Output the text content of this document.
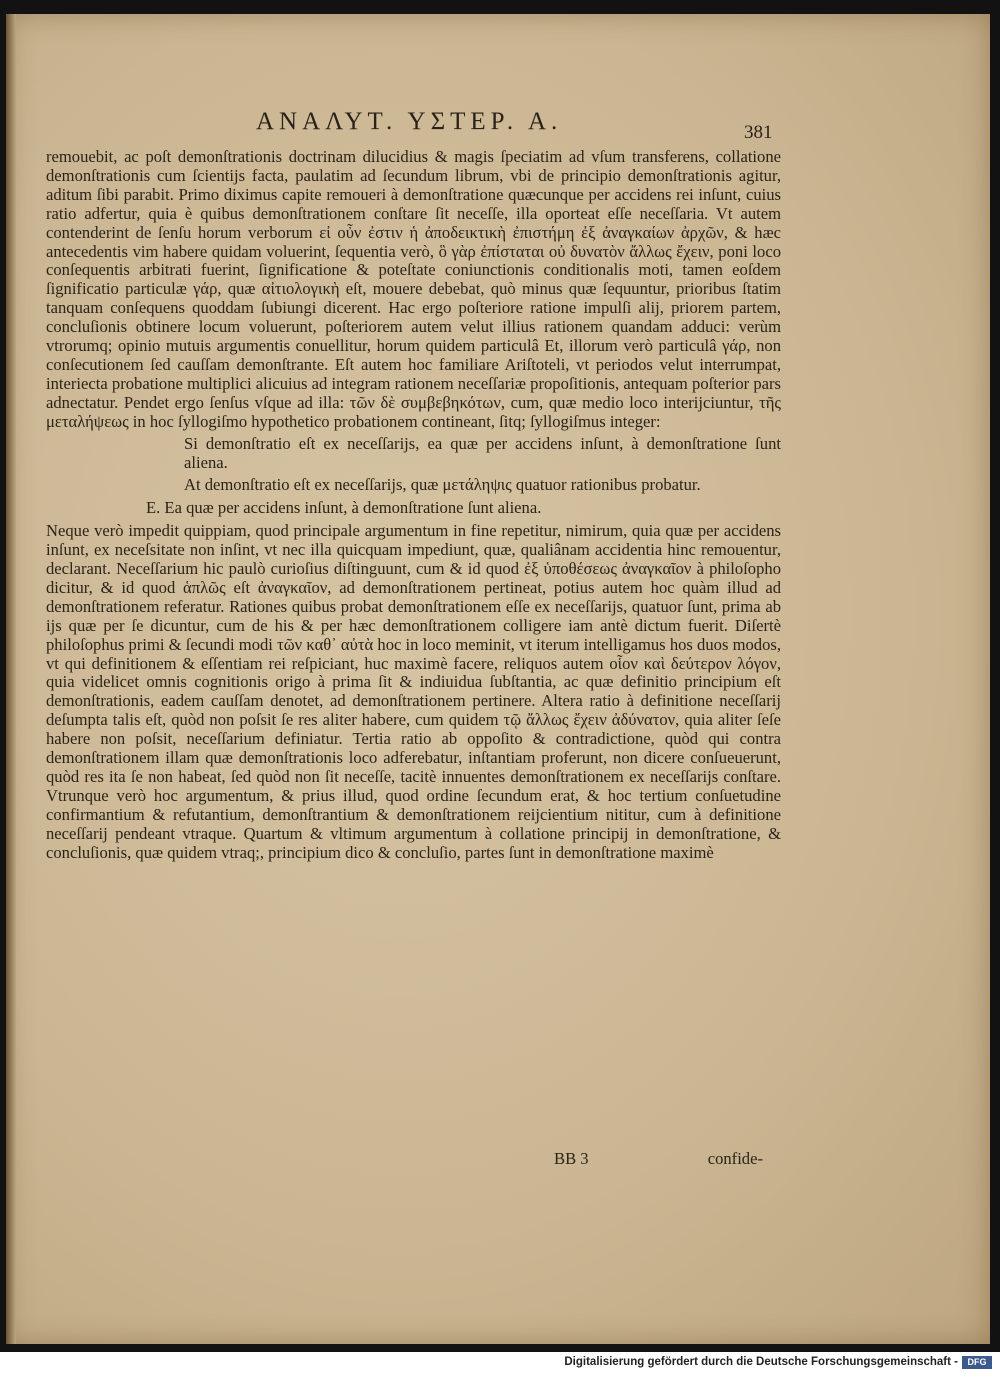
ΑΝΑΛΥΤ. ΥΣΤΕΡ. Α.	381

remouebit, ac poſt demonſtrationis doctrinam dilucidius & magis ſpeciatim ad vſum transferens, collatione demonſtrationis cum ſcientijs facta, paulatim ad ſecundum librum, vbi de principio demonſtrationis agitur, aditum ſibi parabit. Primo diximus capite remoueri à demonſtratione quæcunque per accidens rei inſunt, cuius ratio adfertur, quia è quibus demonſtrationem conſtare ſit neceſſe, illa oporteat eſſe neceſſaria. Vt autem contenderint de ſenſu horum verborum εἰ οὖν ἐστιν ἡ ἀποδεικτικὴ ἐπιστήμη ἐξ ἀναγκαίων ἀρχῶν, & hæc antecedentis vim habere quidam voluerint, ſequentia verò, ὃ γὰρ ἐπίσταται οὐ δυνατὸν ἄλλως ἔχειν, poni loco conſequentis arbitrati fuerint, ſignificatione & poteſtate coniunctionis conditionalis moti, tamen eoſdem ſignificatio particulæ γάρ, quæ αἰτιολογικὴ eſt, mouere debebat, quò minus quæ ſequuntur, prioribus ſtatim tanquam conſequens quoddam ſubiungi dicerent. Hac ergo poſteriore ratione impulſi alij, priorem partem, concluſionis obtinere locum voluerunt, poſteriorem autem velut illius rationem quandam adduci: verùm vtrorumq; opinio mutuis argumentis conuellitur, horum quidem particulâ Et, illorum verò particulâ γάρ, non conſecutionem ſed cauſſam demonſtrante. Eſt autem hoc familiare Ariſtoteli, vt periodos velut interrumpat, interiecta probatione multiplici alicuius ad integram rationem neceſſariæ propoſitionis, antequam poſterior pars adnectatur. Pendet ergo ſenſus vſque ad illa: τῶν δὲ συμβεβηκότων, cum, quæ medio loco interijciuntur, τῆς μεταλήψεως in hoc ſyllogiſmo hypothetico probationem contineant, ſitq; ſyllogiſmus integer:

Si demonſtratio eſt ex neceſſarijs, ea quæ per accidens inſunt, à demonſtratione ſunt aliena.

At demonſtratio eſt ex neceſſarijs, quæ μετάληψις quatuor rationibus probatur.

E. Ea quæ per accidens inſunt, à demonſtratione ſunt aliena.

Neque verò impedit quippiam, quod principale argumentum in fine repetitur, nimirum, quia quæ per accidens inſunt, ex neceſsitate non inſint, vt nec illa quicquam impediunt, quæ, qualiânam accidentia hinc remouentur, declarant. Neceſſarium hic paulò curioſius diſtinguunt, cum & id quod ἐξ ὑποθέσεως ἀναγκαῖον à philoſopho dicitur, & id quod ἁπλῶς eſt ἀναγκαῖον, ad demonſtrationem pertineat, potius autem hoc quàm illud ad demonſtrationem referatur. Rationes quibus probat demonſtrationem eſſe ex neceſſarijs, quatuor ſunt, prima ab ijs quæ per ſe dicuntur, cum de his & per hæc demonſtrationem colligere iam antè dictum fuerit. Diſertè philoſophus primi & ſecundi modi τῶν καθ᾽ αὐτὰ hoc in loco meminit, vt iterum intelligamus hos duos modos, vt qui definitionem & eſſentiam rei reſpiciant, huc maximè facere, reliquos autem οἷον καὶ δεύτερον λόγον, quia videlicet omnis cognitionis origo à prima ſit & indiuidua ſubſtantia, ac quæ definitio principium eſt demonſtrationis, eadem cauſſam denotet, ad demonſtrationem pertinere. Altera ratio à definitione neceſſarij deſumpta talis eſt, quòd non poſsit ſe res aliter habere, cum quidem τῷ ἄλλως ἔχειν ἀδύνατον, quia aliter ſeſe habere non poſsit, neceſſarium definiatur. Tertia ratio ab oppoſito & contradictione, quòd qui contra demonſtrationem illam quæ demonſtrationis loco adferebatur, inſtantiam proferunt, non dicere conſueuerunt, quòd res ita ſe non habeat, ſed quòd non ſit neceſſe, tacitè innuentes demonſtrationem ex neceſſarijs conſtare. Vtrunque verò hoc argumentum, & prius illud, quod ordine ſecundum erat, & hoc tertium conſuetudine confirmantium & refutantium, demonſtrantium & demonſtrationem reijcientium nititur, cum à definitione neceſſarij pendeant vtraque. Quartum & vltimum argumentum à collatione principij in demonſtratione, & concluſionis, quæ quidem vtraq;, principium dico & concluſio, partes ſunt in demonſtratione maximè

BB 3	confide-
Digitalisierung gefördert durch die Deutsche Forschungsgemeinschaft -	DFG
